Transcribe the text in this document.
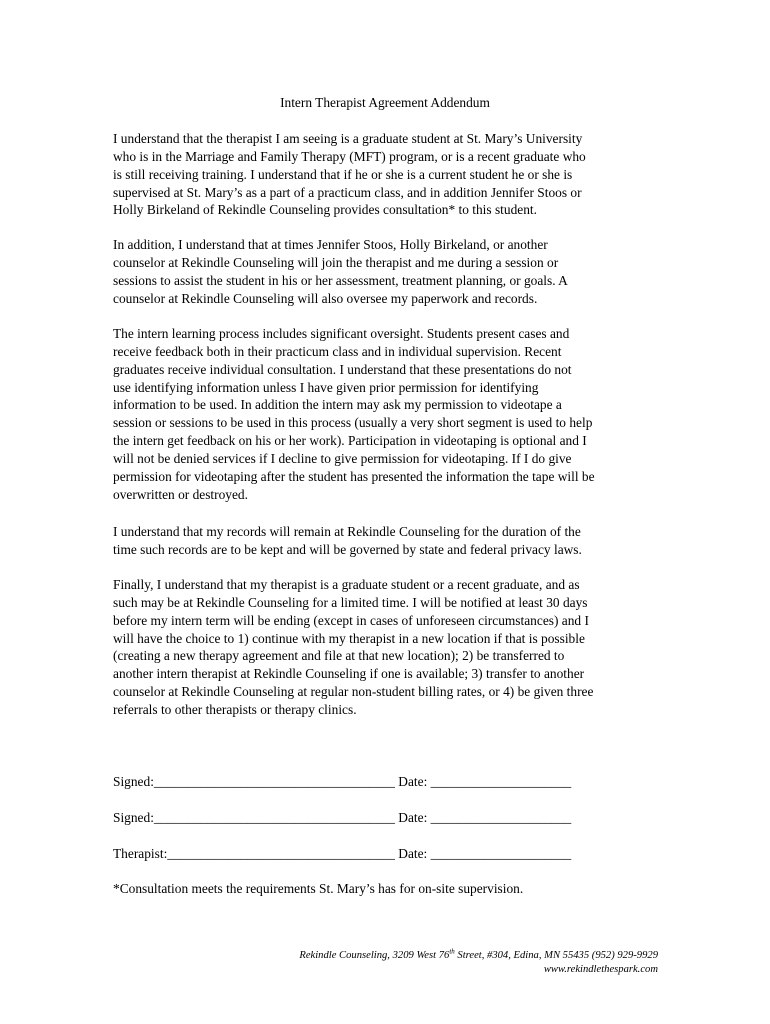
Intern Therapist Agreement Addendum
I understand that the therapist I am seeing is a graduate student at St. Mary’s University
who is in the Marriage and Family Therapy (MFT) program, or is a recent graduate who
is still receiving training. I understand that if he or she is a current student he or she is
supervised at St. Mary’s as a part of a practicum class, and in addition Jennifer Stoos or
Holly Birkeland of Rekindle Counseling provides consultation* to this student.
In addition, I understand that at times Jennifer Stoos, Holly Birkeland, or another
counselor at Rekindle Counseling will join the therapist and me during a session or
sessions to assist the student in his or her assessment, treatment planning, or goals. A
counselor at Rekindle Counseling will also oversee my paperwork and records.
The intern learning process includes significant oversight. Students present cases and
receive feedback both in their practicum class and in individual supervision. Recent
graduates receive individual consultation. I understand that these presentations do not
use identifying information unless I have given prior permission for identifying
information to be used. In addition the intern may ask my permission to videotape a
session or sessions to be used in this process (usually a very short segment is used to help
the intern get feedback on his or her work). Participation in videotaping is optional and I
will not be denied services if I decline to give permission for videotaping. If I do give
permission for videotaping after the student has presented the information the tape will be
overwritten or destroyed.
I understand that my records will remain at Rekindle Counseling for the duration of the
time such records are to be kept and will be governed by state and federal privacy laws.
Finally, I understand that my therapist is a graduate student or a recent graduate, and as
such may be at Rekindle Counseling for a limited time. I will be notified at least 30 days
before my intern term will be ending (except in cases of unforeseen circumstances) and I
will have the choice to 1) continue with my therapist in a new location if that is possible
(creating a new therapy agreement and file at that new location); 2) be transferred to
another intern therapist at Rekindle Counseling if one is available; 3) transfer to another
counselor at Rekindle Counseling at regular non-student billing rates, or 4) be given three
referrals to other therapists or therapy clinics.
Signed:____________________________________ Date: _____________________
Signed:____________________________________ Date: _____________________
Therapist:__________________________________ Date: _____________________
*Consultation meets the requirements St. Mary’s has for on-site supervision.
Rekindle Counseling, 3209 West 76th Street, #304, Edina, MN 55435 (952) 929-9929
www.rekindlethespark.com
